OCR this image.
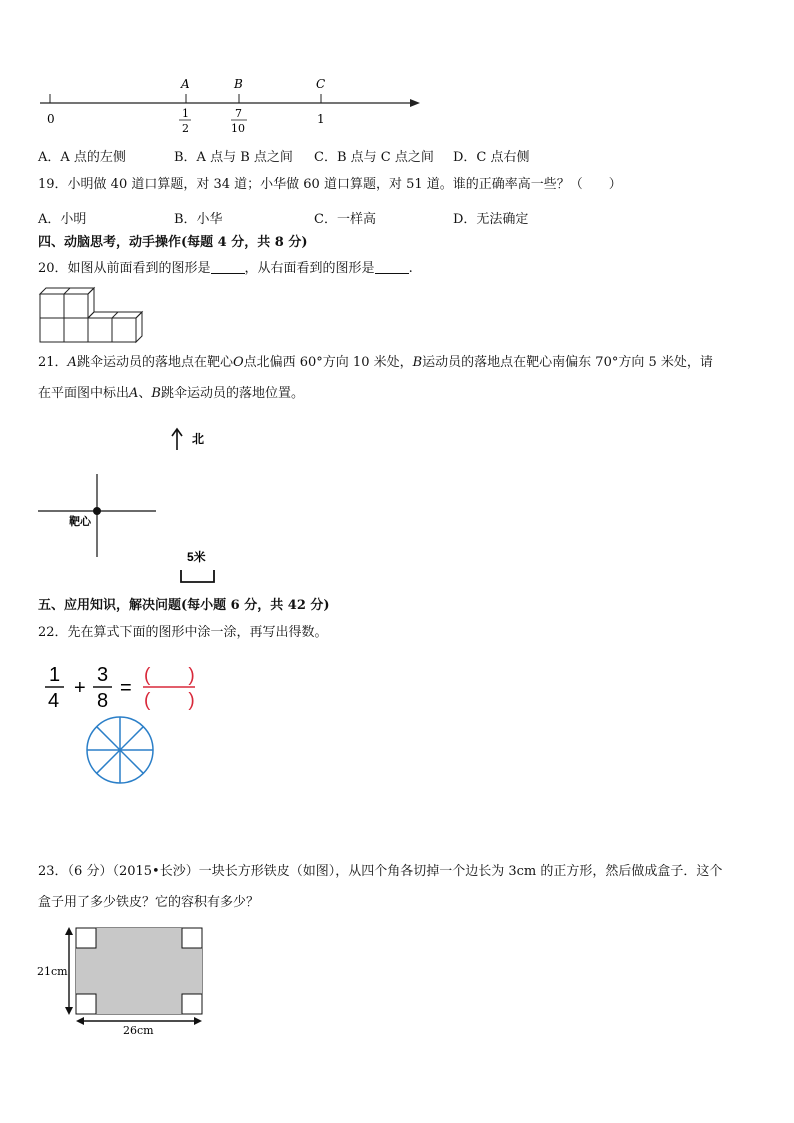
A	B	C
0	1
2
7
10
1
A．A 点的左侧	B．A 点与 B 点之间 C．B 点与 C 点之间 D．C 点右侧
19．小明做 40 道口算题，对 34 道；小华做 60 道口算题，对 51 道。谁的正确率高一些？（　　）
A．小明	B．小华	C．一样高	D．无法确定
四、动脑思考，动手操作(每题 4 分，共 8 分)
20．如图从前面看到的图形是	，从右面看到的图形是	.
21．A跳伞运动员的落地点在靶心O点北偏西 60°方向 10 米处，B运动员的落地点在靶心南偏东 70°方向 5 米处，请
在平面图中标出A、B跳伞运动员的落地位置。
北
靶心
5米
五、应用知识，解决问题(每小题 6 分，共 42 分)
22．先在算式下面的图形中涂一涂，再写出得数。
1
4
+
3
8
=
(　　)
(　　)
23．（6 分）（2015•长沙）一块长方形铁皮（如图），从四个角各切掉一个边长为 3cm 的正方形，然后做成盒子．这个
盒子用了多少铁皮？它的容积有多少？
21cm
26cm
